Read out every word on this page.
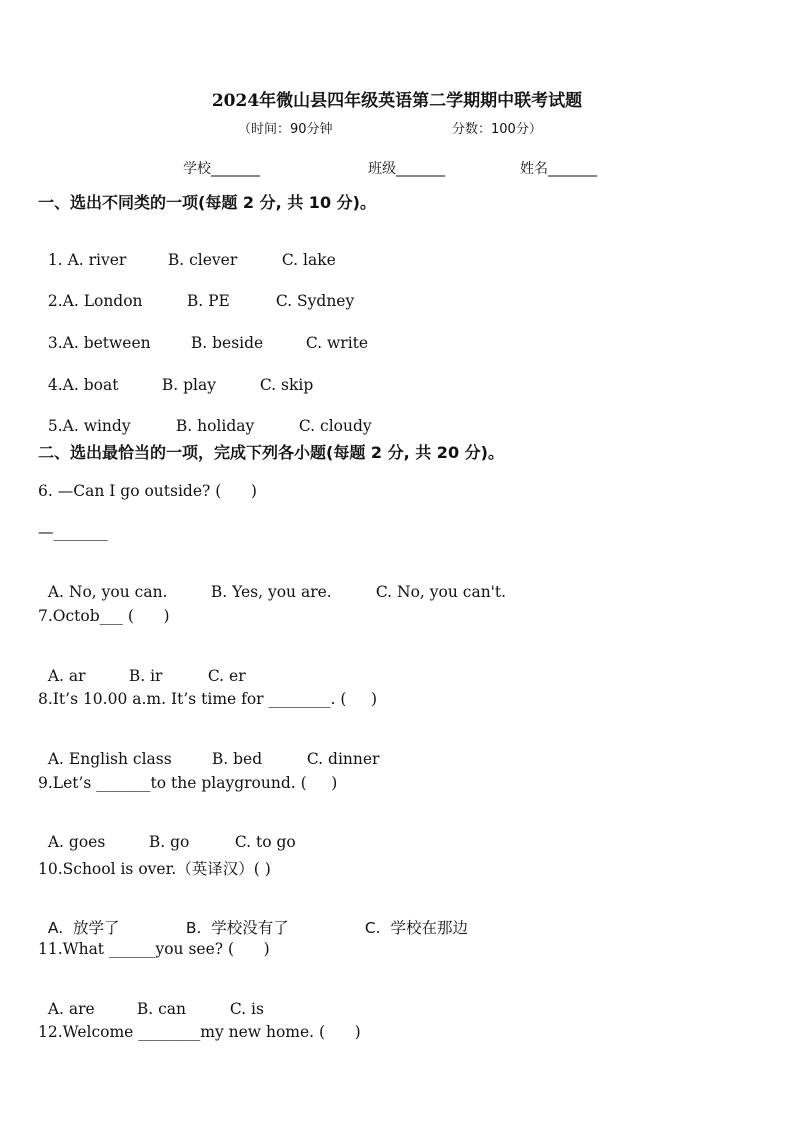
2024年微山县四年级英语第二学期期中联考试题
（时间：90分钟	分数：100分）
学校_______	班级_______	姓名_______
一、选出不同类的一项(每题 2 分, 共 10 分)。

1. A. river	B. clever	C. lake

2.A. London	B. PE	C. Sydney

3.A. between	B. beside	C. write

4.A. boat	B. play	C. skip

5.A. windy	B. holiday	C. cloudy

二、选出最恰当的一项，完成下列各小题(每题 2 分, 共 20 分)。
6. —Can I go outside? (      )
—_______

A. No, you can.	B. Yes, you are.	C. No, you can't.

7.Octob___ (      )

A. ar	B. ir	C. er

8.It’s 10.00 a.m. It’s time for ________. (     )

A. English class	B. bed	C. dinner

9.Let’s _______to the playground. (     )

A. goes	B. go	C. to go

10.School is over.（英译汉）( )

A.  放学了	B.  学校没有了	C.  学校在那边

11.What ______you see? (      )

A. are	B. can	C. is

12.Welcome ________my new home. (      )
